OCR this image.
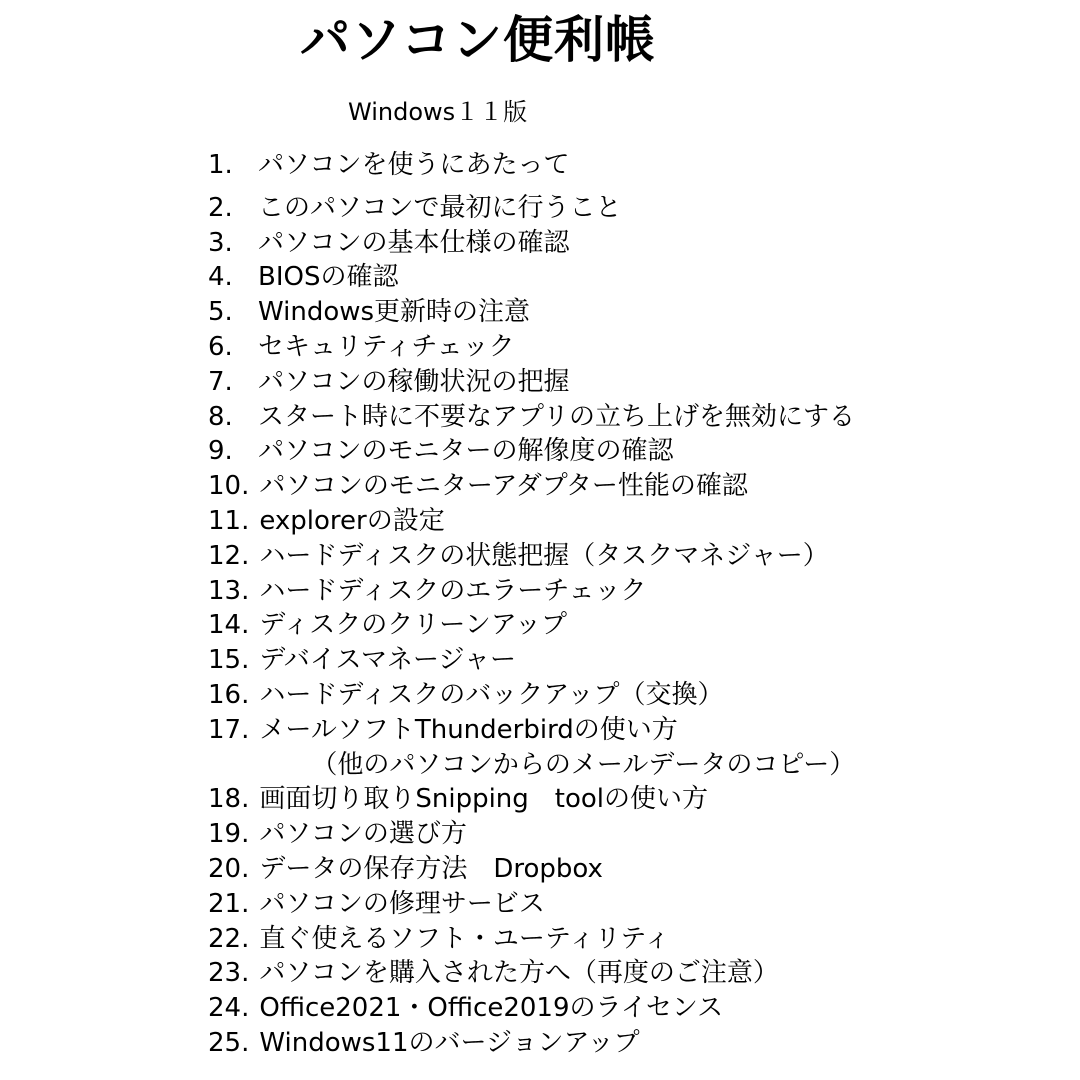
パソコン便利帳
Windows１１版
1. パソコンを使うにあたって
2. このパソコンで最初に行うこと
3. パソコンの基本仕様の確認
4. BIOSの確認
5. Windows更新時の注意
6. セキュリティチェック
7. パソコンの稼働状況の把握
8. スタート時に不要なアプリの立ち上げを無効にする
9. パソコンのモニターの解像度の確認
10. パソコンのモニターアダプター性能の確認
11. explorerの設定
12. ハードディスクの状態把握（タスクマネジャー）
13. ハードディスクのエラーチェック
14. ディスクのクリーンアップ
15. デバイスマネージャー
16. ハードディスクのバックアップ（交換）
17. メールソフトThunderbirdの使い方
（他のパソコンからのメールデータのコピー）
18. 画面切り取りSnipping　toolの使い方
19. パソコンの選び方
20. データの保存方法　Dropbox
21. パソコンの修理サービス
22. 直ぐ使えるソフト・ユーティリティ
23. パソコンを購入された方へ（再度のご注意）
24. Office2021・Office2019のライセンス
25. Windows11のバージョンアップ
